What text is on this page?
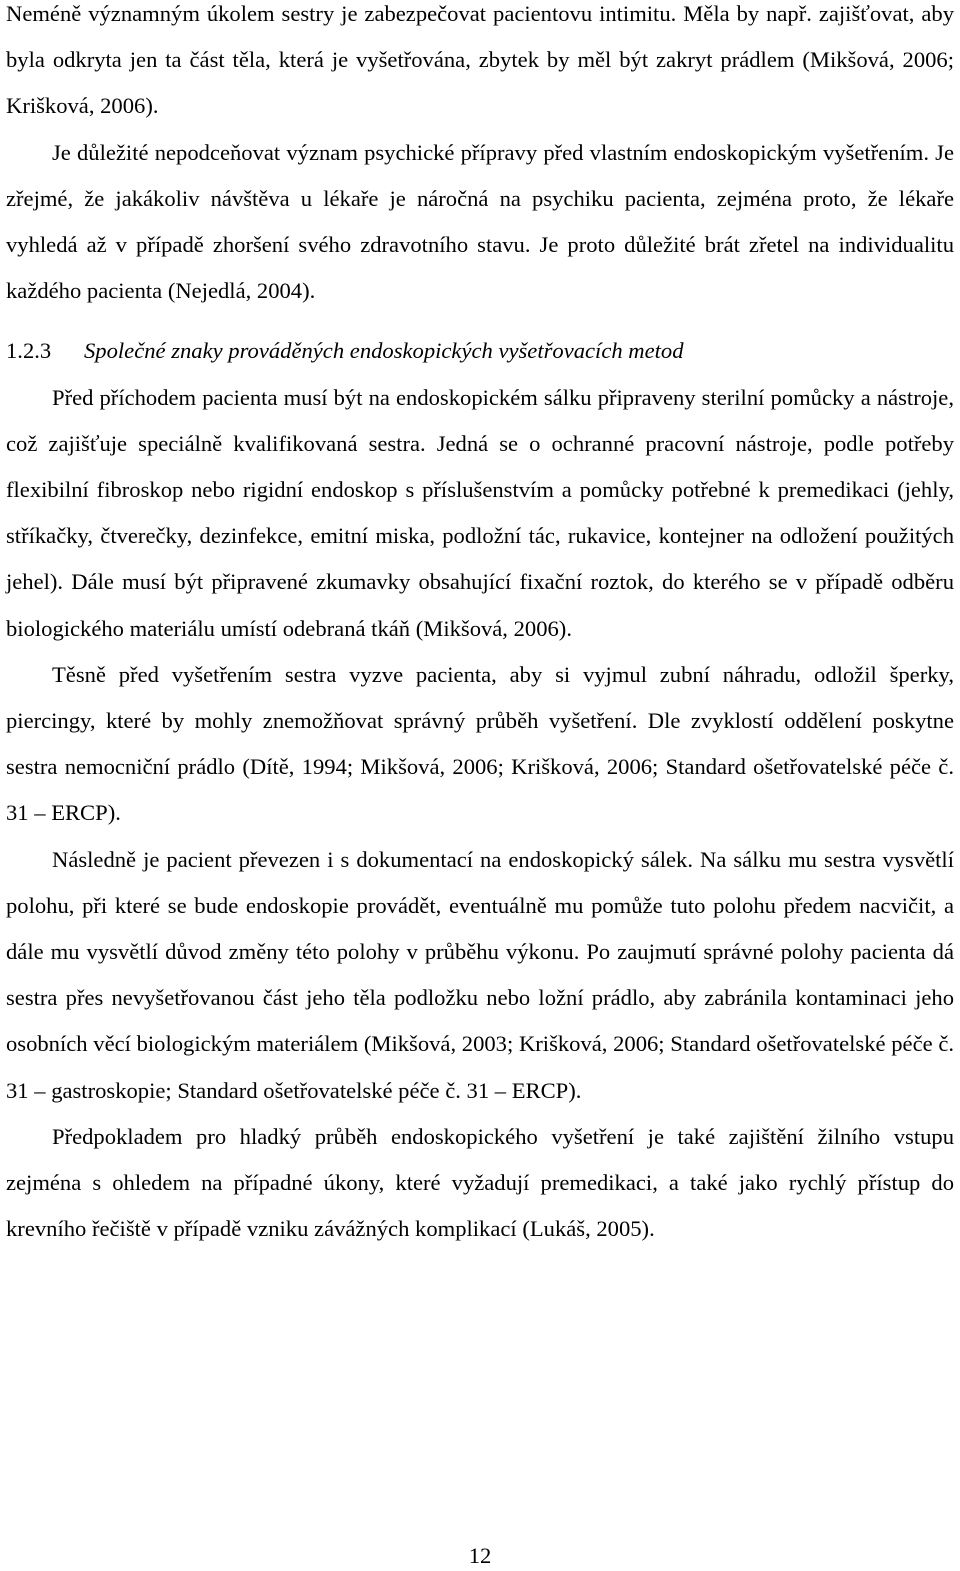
Neméně významným úkolem sestry je zabezpečovat pacientovu intimitu. Měla by např. zajišťovat, aby byla odkryta jen ta část těla, která je vyšetřována, zbytek by měl být zakryt prádlem (Mikšová, 2006; Krišková, 2006).

Je důležité nepodceňovat význam psychické přípravy před vlastním endoskopickým vyšetřením. Je zřejmé, že jakákoliv návštěva u lékaře je náročná na psychiku pacienta, zejména proto, že lékaře vyhledá až v případě zhoršení svého zdravotního stavu. Je proto důležité brát zřetel na individualitu každého pacienta (Nejedlá, 2004).

1.2.3 Společné znaky prováděných endoskopických vyšetřovacích metod

Před příchodem pacienta musí být na endoskopickém sálku připraveny sterilní pomůcky a nástroje, což zajišťuje speciálně kvalifikovaná sestra. Jedná se o ochranné pracovní nástroje, podle potřeby flexibilní fibroskop nebo rigidní endoskop s příslušenstvím a pomůcky potřebné k premedikaci (jehly, stříkačky, čtverečky, dezinfekce, emitní miska, podložní tác, rukavice, kontejner na odložení použitých jehel). Dále musí být připravené zkumavky obsahující fixační roztok, do kterého se v případě odběru biologického materiálu umístí odebraná tkáň (Mikšová, 2006).

Těsně před vyšetřením sestra vyzve pacienta, aby si vyjmul zubní náhradu, odložil šperky, piercingy, které by mohly znemožňovat správný průběh vyšetření. Dle zvyklostí oddělení poskytne sestra nemocniční prádlo (Dítě, 1994; Mikšová, 2006; Krišková, 2006; Standard ošetřovatelské péče č. 31 – ERCP).

Následně je pacient převezen i s dokumentací na endoskopický sálek. Na sálku mu sestra vysvětlí polohu, při které se bude endoskopie provádět, eventuálně mu pomůže tuto polohu předem nacvičit, a dále mu vysvětlí důvod změny této polohy v průběhu výkonu. Po zaujmutí správné polohy pacienta dá sestra přes nevyšetřovanou část jeho těla podložku nebo ložní prádlo, aby zabránila kontaminaci jeho osobních věcí biologickým materiálem (Mikšová, 2003; Krišková, 2006; Standard ošetřovatelské péče č. 31 – gastroskopie; Standard ošetřovatelské péče č. 31 – ERCP).

Předpokladem pro hladký průběh endoskopického vyšetření je také zajištění žilního vstupu zejména s ohledem na případné úkony, které vyžadují premedikaci, a také jako rychlý přístup do krevního řečiště v případě vzniku závážných komplikací (Lukáš, 2005).

12
